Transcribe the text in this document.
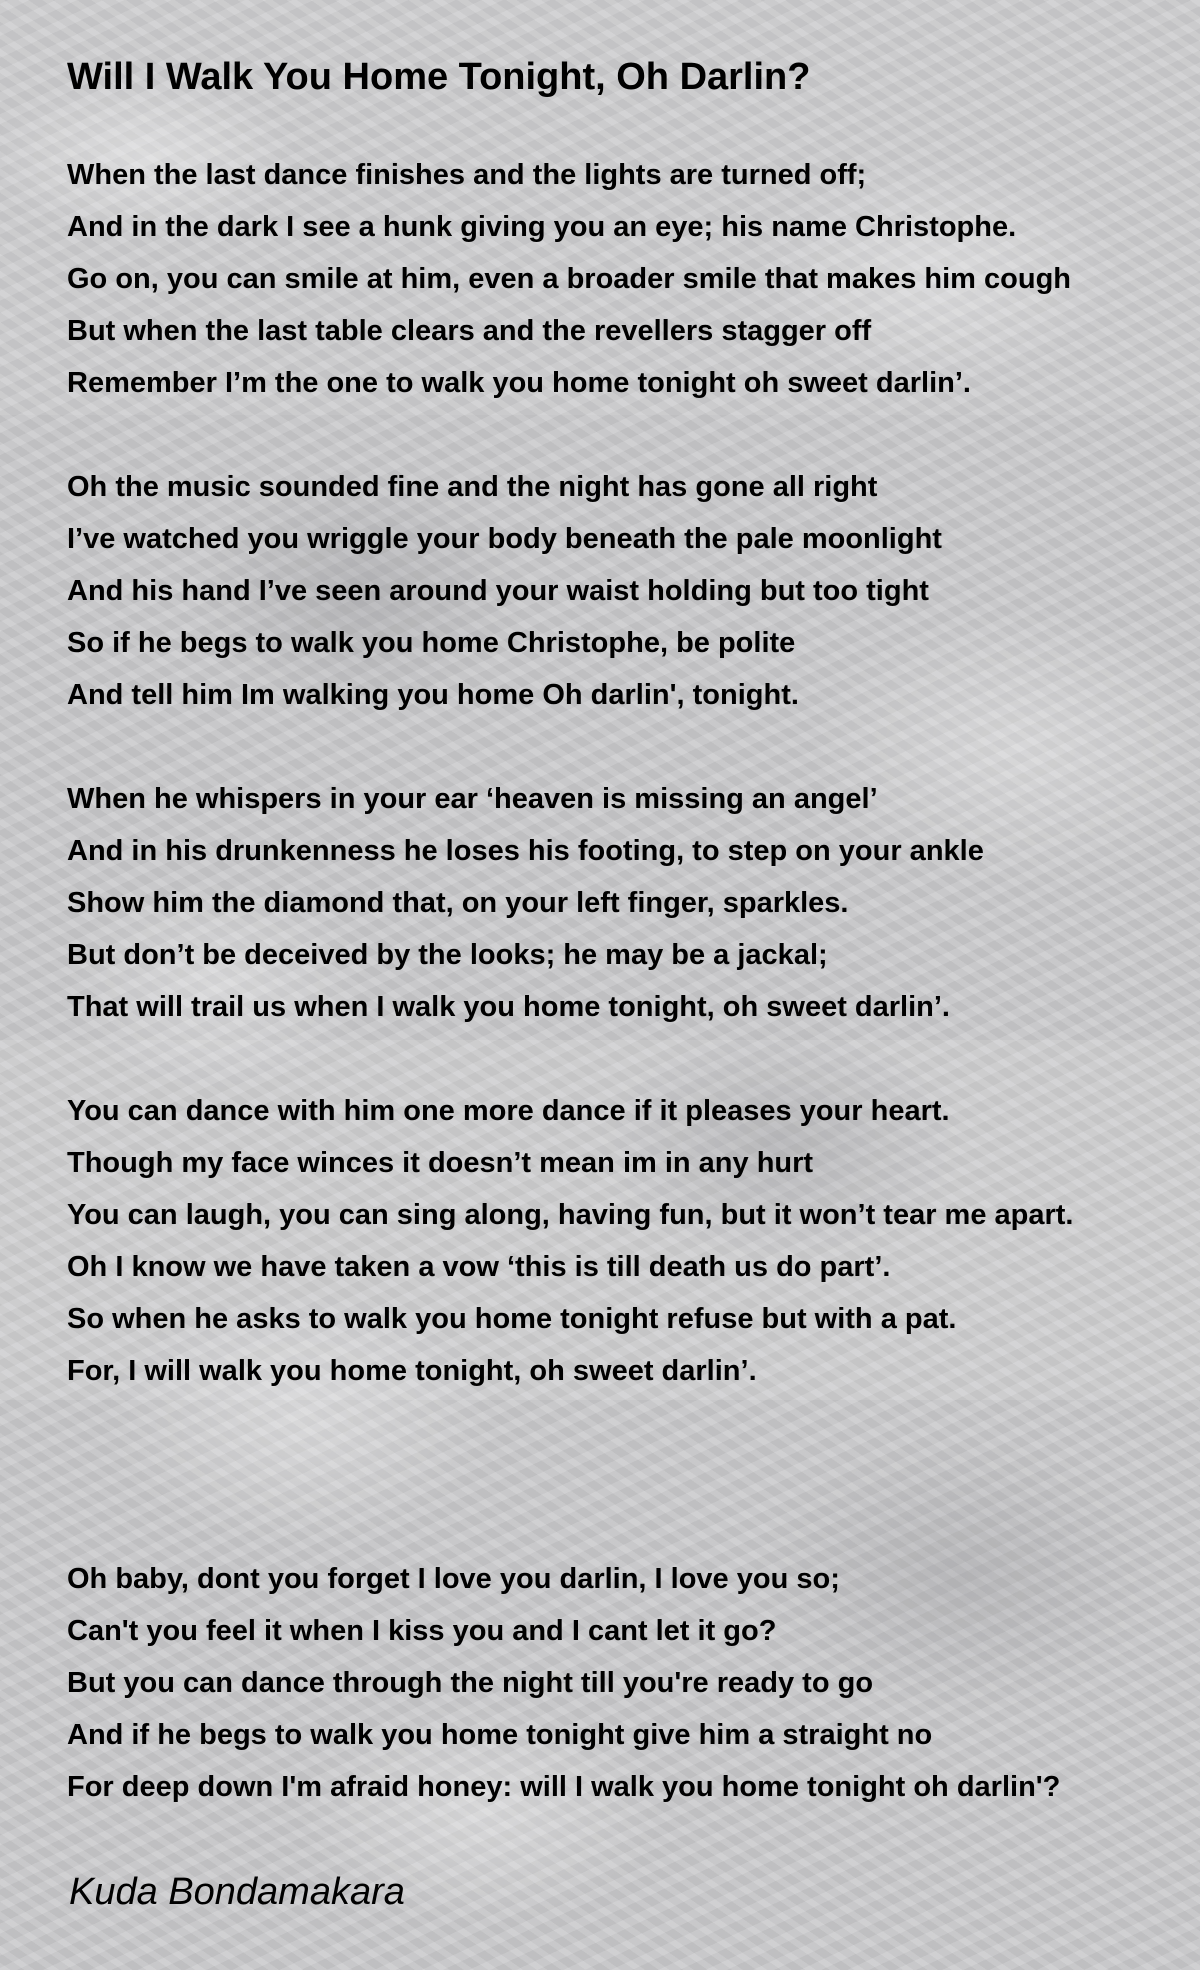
Will I Walk You Home Tonight, Oh Darlin?
When the last dance finishes and the lights are turned off;
And in the dark I see a hunk giving you an eye; his name Christophe.
Go on, you can smile at him, even a broader smile that makes him cough
But when the last table clears and the revellers stagger off
Remember I’m the one to walk you home tonight oh sweet darlin’.
Oh the music sounded fine and the night has gone all right
I’ve watched you wriggle your body beneath the pale moonlight
And his hand I’ve seen around your waist holding but too tight
So if he begs to walk you home Christophe, be polite
And tell him Im walking you home Oh darlin', tonight.
When he whispers in your ear ‘heaven is missing an angel’
And in his drunkenness he loses his footing, to step on your ankle
Show him the diamond that, on your left finger, sparkles.
But don’t be deceived by the looks; he may be a jackal;
That will trail us when I walk you home tonight, oh sweet darlin’.
You can dance with him one more dance if it pleases your heart.
Though my face winces it doesn’t mean im in any hurt
You can laugh, you can sing along, having fun, but it won’t tear me apart.
Oh I know we have taken a vow ‘this is till death us do part’.
So when he asks to walk you home tonight refuse but with a pat.
For, I will walk you home tonight, oh sweet darlin’.
Oh baby, dont you forget I love you darlin, I love you so;
Can't you feel it when I kiss you and I cant let it go?
But you can dance through the night till you're ready to go
And if he begs to walk you home tonight give him a straight no
For deep down I'm afraid honey: will I walk you home tonight oh darlin'?
Kuda Bondamakara
